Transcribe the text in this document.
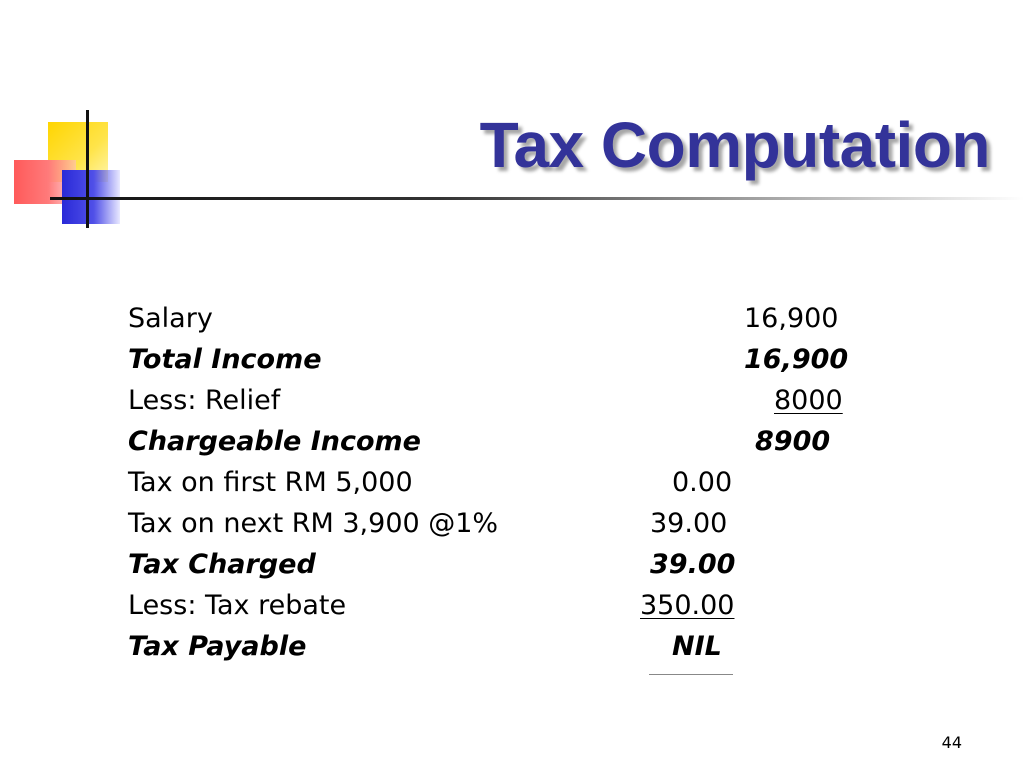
Tax Computation
Salary	16,900
Total Income	16,900
Less: Relief	8000
Chargeable Income	8900
Tax on first RM 5,000	0.00
Tax on next RM 3,900 @1%	39.00
Tax Charged	39.00
Less: Tax rebate	350.00
Tax Payable	NIL
44
